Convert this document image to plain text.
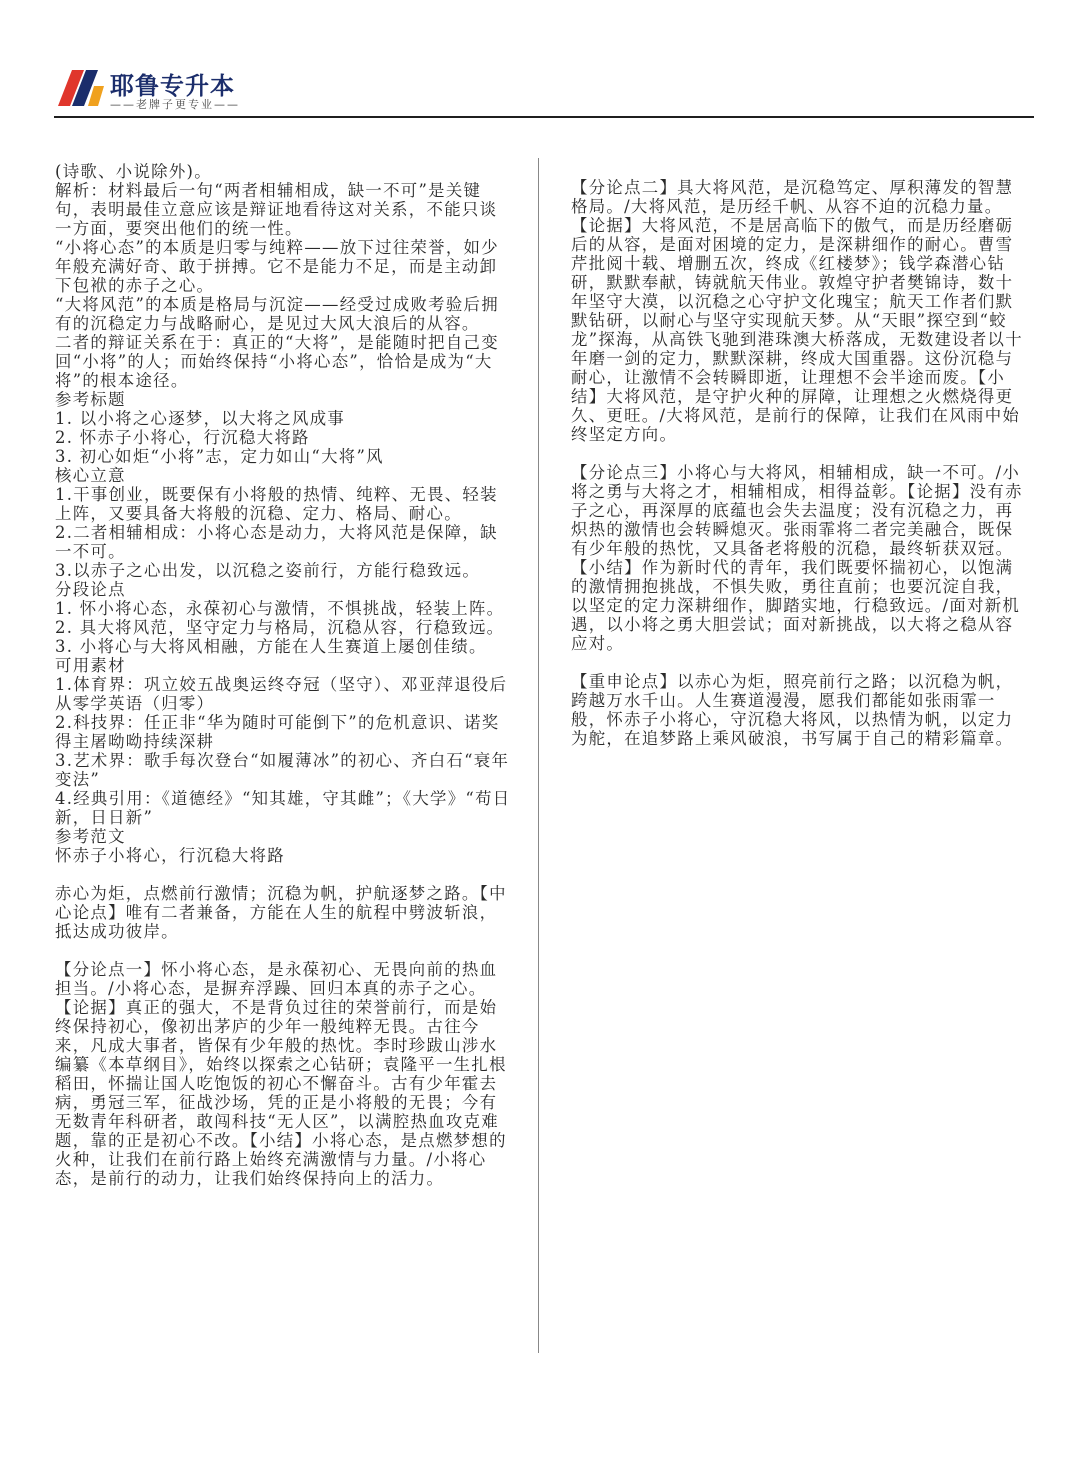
耶鲁专升本
——老牌子更专业——

(诗歌、小说除外)。

解析：材料最后一句“两者相辅相成，缺一不可”是关键句，表明最佳立意应该是辩证地看待这对关系，不能只谈一方面，要突出他们的统一性。

“小将心态”的本质是归零与纯粹——放下过往荣誉，如少年般充满好奇、敢于拼搏。它不是能力不足，而是主动卸下包袱的赤子之心。

“大将风范”的本质是格局与沉淀——经受过成败考验后拥有的沉稳定力与战略耐心，是见过大风大浪后的从容。

二者的辩证关系在于：真正的“大将”，是能随时把自己变回“小将”的人；而始终保持“小将心态”，恰恰是成为“大将”的根本途径。

参考标题

1. 以小将之心逐梦，以大将之风成事

2. 怀赤子小将心，行沉稳大将路

3. 初心如炬“小将”志，定力如山“大将”风

核心立意

1.干事创业，既要保有小将般的热情、纯粹、无畏、轻装上阵，又要具备大将般的沉稳、定力、格局、耐心。

2.二者相辅相成：小将心态是动力，大将风范是保障，缺一不可。

3.以赤子之心出发，以沉稳之姿前行，方能行稳致远。

分段论点

1. 怀小将心态，永葆初心与激情，不惧挑战，轻装上阵。

2. 具大将风范，坚守定力与格局，沉稳从容，行稳致远。

3. 小将心与大将风相融，方能在人生赛道上屡创佳绩。

可用素材

1.体育界：巩立姣五战奥运终夺冠（坚守）、邓亚萍退役后从零学英语（归零）

2.科技界：任正非“华为随时可能倒下”的危机意识、诺奖得主屠呦呦持续深耕

3.艺术界：歌手每次登台“如履薄冰”的初心、齐白石“衰年变法”

4.经典引用：《道德经》“知其雄，守其雌”；《大学》“苟日新，日日新”

参考范文

怀赤子小将心，行沉稳大将路

赤心为炬，点燃前行激情；沉稳为帆，护航逐梦之路。【中心论点】唯有二者兼备，方能在人生的航程中劈波斩浪，抵达成功彼岸。

【分论点一】怀小将心态，是永葆初心、无畏向前的热血担当。/小将心态，是摒弃浮躁、回归本真的赤子之心。【论据】真正的强大，不是背负过往的荣誉前行，而是始终保持初心，像初出茅庐的少年一般纯粹无畏。古往今来，凡成大事者，皆保有少年般的热忱。李时珍跋山涉水编纂《本草纲目》，始终以探索之心钻研；袁隆平一生扎根稻田，怀揣让国人吃饱饭的初心不懈奋斗。古有少年霍去病，勇冠三军，征战沙场，凭的正是小将般的无畏；今有无数青年科研者，敢闯科技“无人区”，以满腔热血攻克难题，靠的正是初心不改。【小结】小将心态，是点燃梦想的火种，让我们在前行路上始终充满激情与力量。/小将心态，是前行的动力，让我们始终保持向上的活力。

【分论点二】具大将风范，是沉稳笃定、厚积薄发的智慧格局。/大将风范，是历经千帆、从容不迫的沉稳力量。【论据】大将风范，不是居高临下的傲气，而是历经磨砺后的从容，是面对困境的定力，是深耕细作的耐心。曹雪芹批阅十载、增删五次，终成《红楼梦》；钱学森潜心钻研，默默奉献，铸就航天伟业。敦煌守护者樊锦诗，数十年坚守大漠，以沉稳之心守护文化瑰宝；航天工作者们默默钻研，以耐心与坚守实现航天梦。从“天眼”探空到“蛟龙”探海，从高铁飞驰到港珠澳大桥落成，无数建设者以十年磨一剑的定力，默默深耕，终成大国重器。这份沉稳与耐心，让激情不会转瞬即逝，让理想不会半途而废。【小结】大将风范，是守护火种的屏障，让理想之火燃烧得更久、更旺。/大将风范，是前行的保障，让我们在风雨中始终坚定方向。

【分论点三】小将心与大将风，相辅相成，缺一不可。/小将之勇与大将之才，相辅相成，相得益彰。【论据】没有赤子之心，再深厚的底蕴也会失去温度；没有沉稳之力，再炽热的激情也会转瞬熄灭。张雨霏将二者完美融合，既保有少年般的热忱，又具备老将般的沉稳，最终斩获双冠。【小结】作为新时代的青年，我们既要怀揣初心，以饱满的激情拥抱挑战，不惧失败，勇往直前；也要沉淀自我，以坚定的定力深耕细作，脚踏实地，行稳致远。/面对新机遇，以小将之勇大胆尝试；面对新挑战，以大将之稳从容应对。

【重申论点】以赤心为炬，照亮前行之路；以沉稳为帆，跨越万水千山。人生赛道漫漫，愿我们都能如张雨霏一般，怀赤子小将心，守沉稳大将风，以热情为帆，以定力为舵，在追梦路上乘风破浪，书写属于自己的精彩篇章。
